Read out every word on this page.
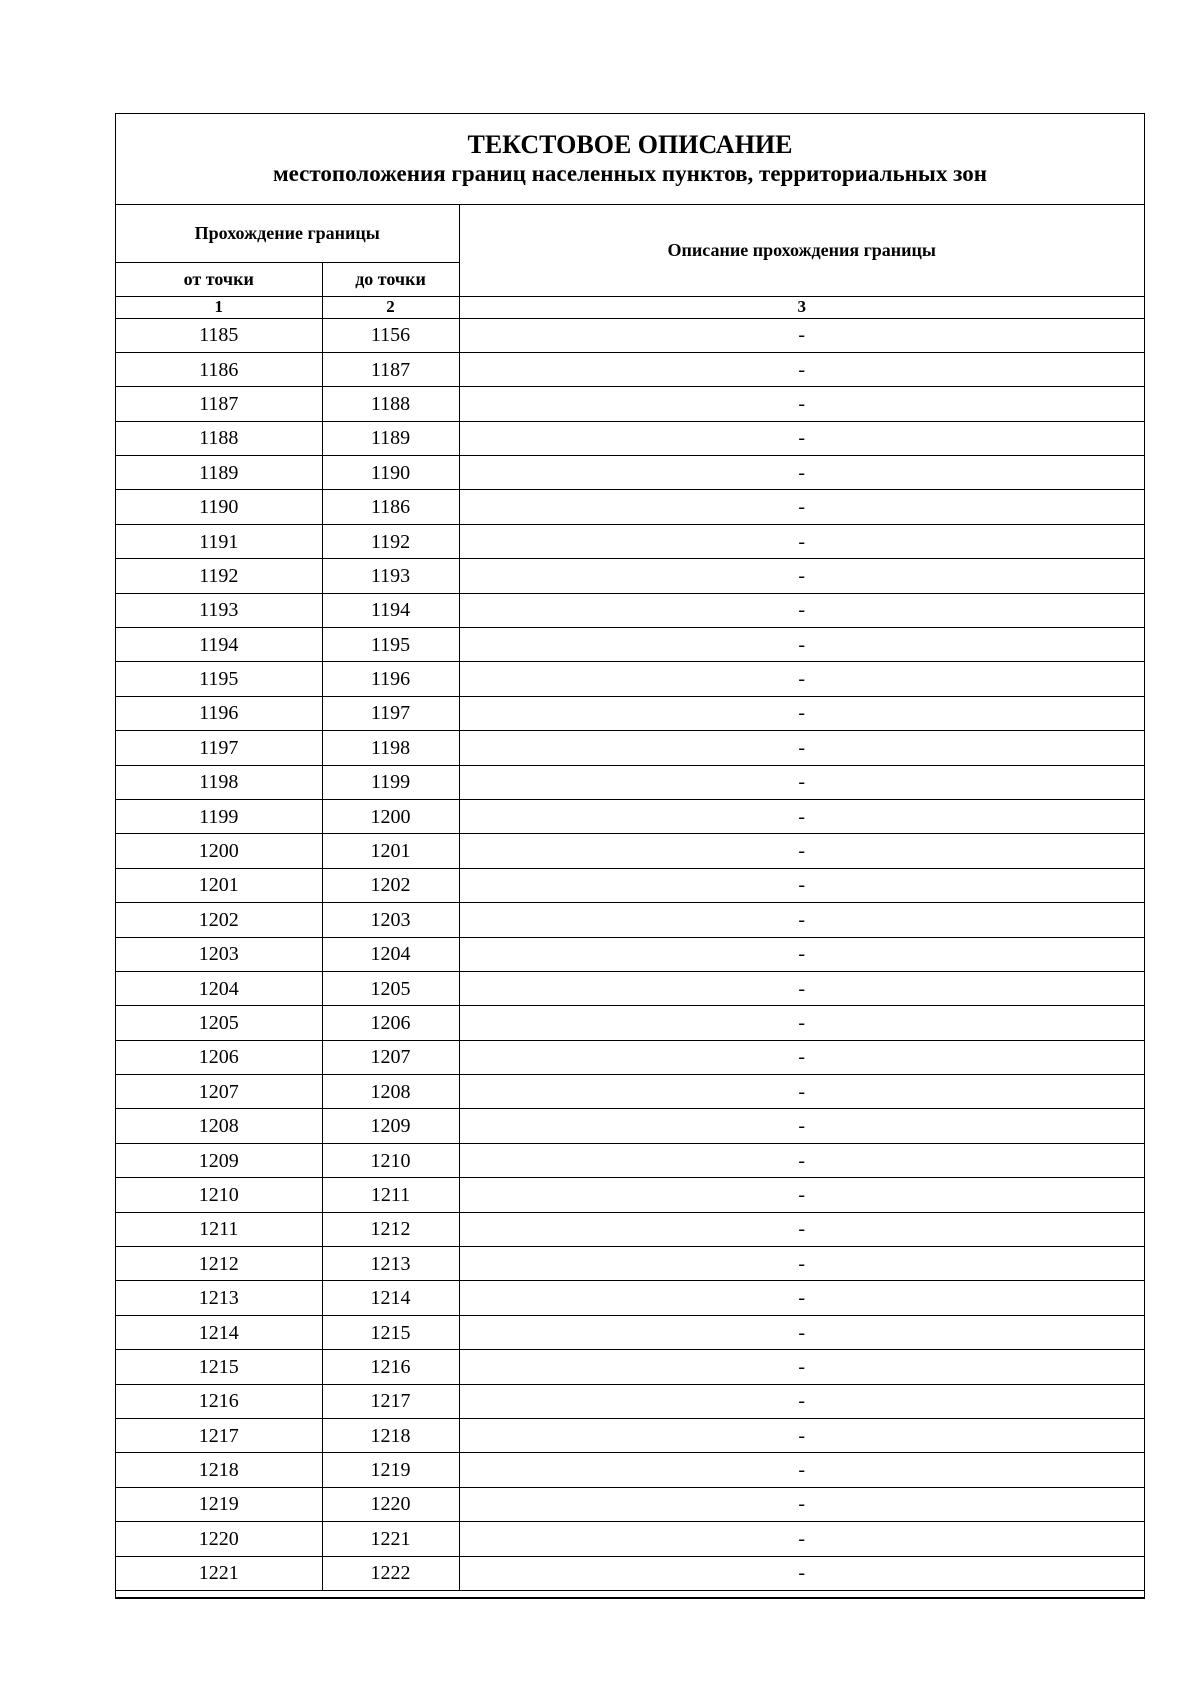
ТЕКСТОВОЕ ОПИСАНИЕ
местоположения границ населенных пунктов, территориальных зон
Прохождение границы		Описание прохождения границы
от точки	до точки	
1	2	3
1185	1156	-
1186	1187	-
1187	1188	-
1188	1189	-
1189	1190	-
1190	1186	-
1191	1192	-
1192	1193	-
1193	1194	-
1194	1195	-
1195	1196	-
1196	1197	-
1197	1198	-
1198	1199	-
1199	1200	-
1200	1201	-
1201	1202	-
1202	1203	-
1203	1204	-
1204	1205	-
1205	1206	-
1206	1207	-
1207	1208	-
1208	1209	-
1209	1210	-
1210	1211	-
1211	1212	-
1212	1213	-
1213	1214	-
1214	1215	-
1215	1216	-
1216	1217	-
1217	1218	-
1218	1219	-
1219	1220	-
1220	1221	-
1221	1222	-
